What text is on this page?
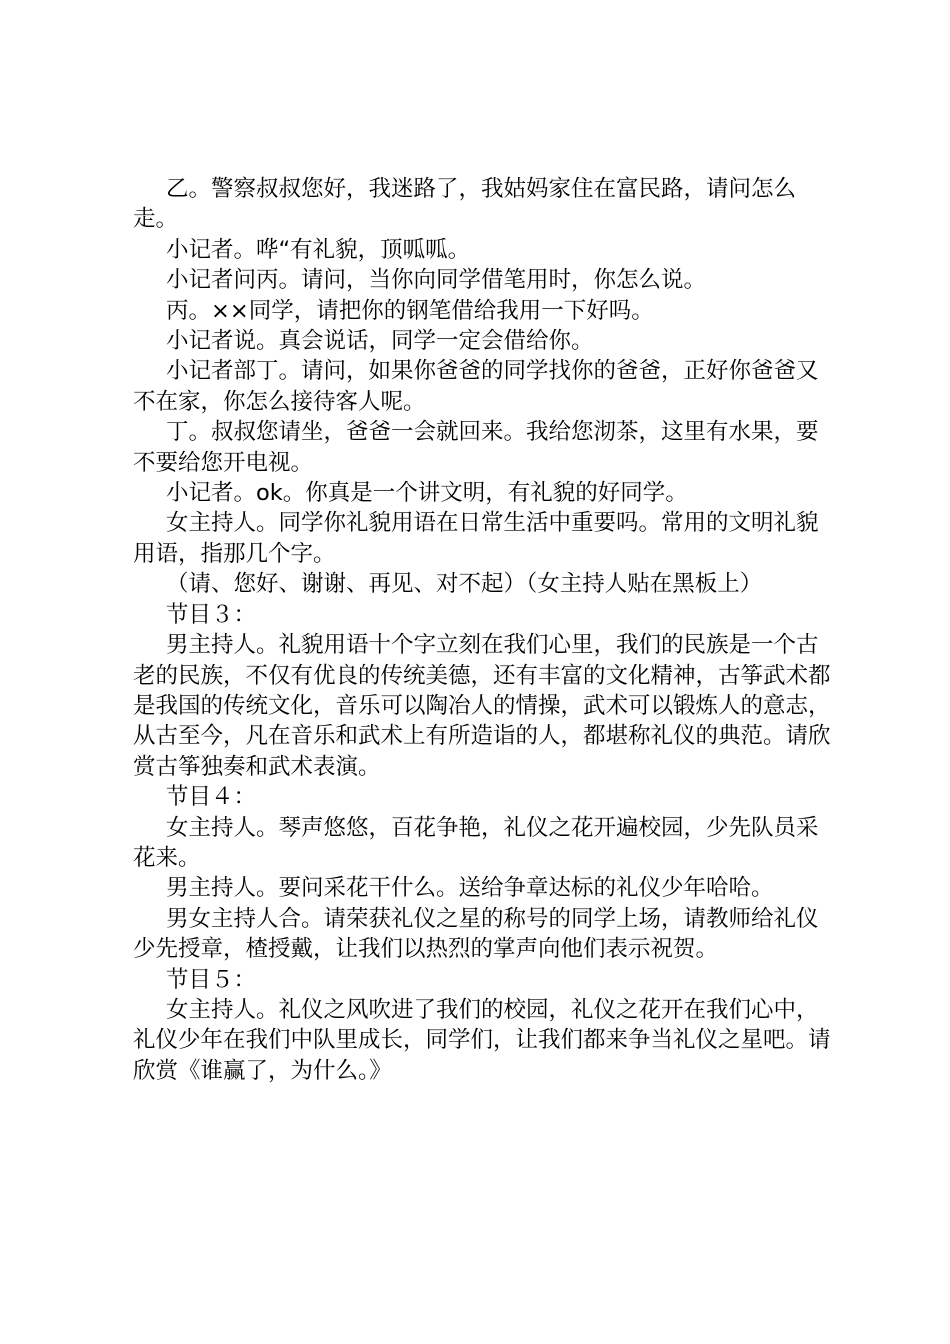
乙。警察叔叔您好，我迷路了，我姑妈家住在富民路，请问怎么走。

小记者。哗“有礼貌，顶呱呱。

小记者问丙。请问，当你向同学借笔用时，你怎么说。

丙。××同学，请把你的钢笔借给我用一下好吗。

小记者说。真会说话，同学一定会借给你。

小记者部丁。请问，如果你爸爸的同学找你的爸爸，正好你爸爸又不在家，你怎么接待客人呢。

丁。叔叔您请坐，爸爸一会就回来。我给您沏茶，这里有水果，要不要给您开电视。

小记者。ok。你真是一个讲文明，有礼貌的好同学。

女主持人。同学你礼貌用语在日常生活中重要吗。常用的文明礼貌用语，指那几个字。

（请、您好、谢谢、再见、对不起）（女主持人贴在黑板上）

节目３：

男主持人。礼貌用语十个字立刻在我们心里，我们的民族是一个古老的民族，不仅有优良的传统美德，还有丰富的文化精神，古筝武术都是我国的传统文化，音乐可以陶冶人的情操，武术可以锻炼人的意志，从古至今，凡在音乐和武术上有所造诣的人，都堪称礼仪的典范。请欣赏古筝独奏和武术表演。

节目４：

女主持人。琴声悠悠，百花争艳，礼仪之花开遍校园，少先队员采花来。

男主持人。要问采花干什么。送给争章达标的礼仪少年哈哈。

男女主持人合。请荣获礼仪之星的称号的同学上场，请教师给礼仪少先授章，楂授戴，让我们以热烈的掌声向他们表示祝贺。

节目５：

女主持人。礼仪之风吹进了我们的校园，礼仪之花开在我们心中，礼仪少年在我们中队里成长，同学们，让我们都来争当礼仪之星吧。请欣赏《谁赢了，为什么。》
